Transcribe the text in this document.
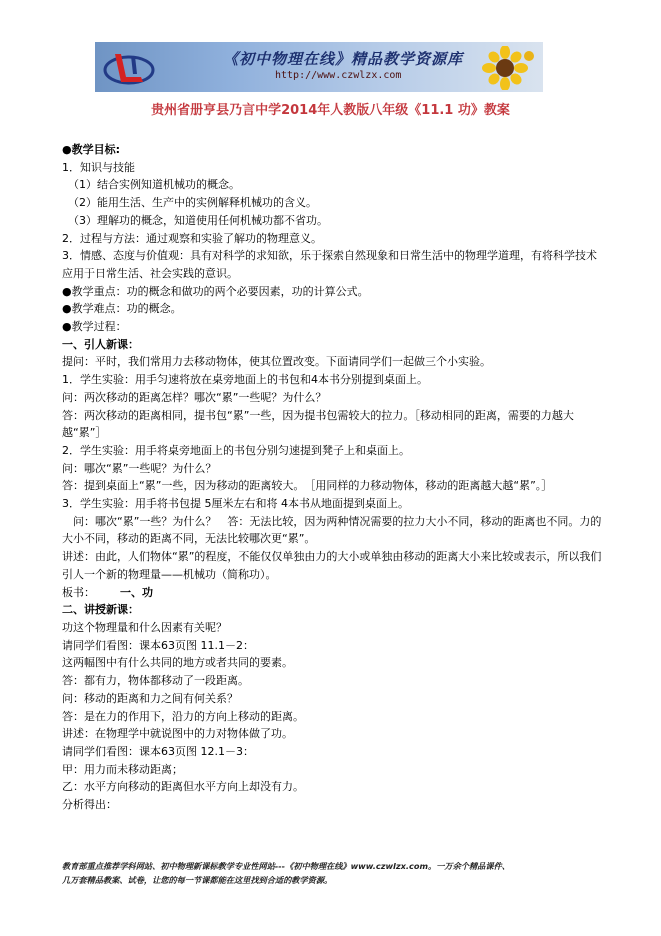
《初中物理在线》精品教学资源库
http://www.czwlzx.com
贵州省册亨县乃言中学2014年人教版八年级《11.1 功》教案

●教学目标:

1．知识与技能

（1）结合实例知道机械功的概念。

（2）能用生活、生产中的实例解释机械功的含义。

（3）理解功的概念，知道使用任何机械功都不省功。

2．过程与方法：通过观察和实验了解功的物理意义。

3．情感、态度与价值观：具有对科学的求知欲，乐于探索自然现象和日常生活中的物理学道理，有将科学技术应用于日常生活、社会实践的意识。

●教学重点：功的概念和做功的两个必要因素，功的计算公式。

●教学难点：功的概念。

●教学过程：

一、引人新课：

提问：平时，我们常用力去移动物体，使其位置改变。下面请同学们一起做三个小实验。

1．学生实验：用手匀速将放在桌旁地面上的书包和4本书分别提到桌面上。

问：两次移动的距离怎样？哪次“累”一些呢？为什么？

答：两次移动的距离相同，提书包“累”一些，因为提书包需较大的拉力。［移动相同的距离，需要的力越大越“累”］

2．学生实验：用手将桌旁地面上的书包分别匀速提到凳子上和桌面上。

问：哪次“累”一些呢？为什么？

答：提到桌面上“累”一些，因为移动的距离较大。　［用同样的力移动物体，移动的距离越大越“累”。］

3．学生实验：用手将书包提 5厘米左右和将 4本书从地面提到桌面上。

　问：哪次“累”一些？为什么？　答：无法比较，因为两种情况需要的拉力大小不同，移动的距离也不同。力的大小不同，移动的距离不同，无法比较哪次更“累”。

讲述：由此，人们物体“累”的程度，不能仅仅单独由力的大小或单独由移动的距离大小来比较或表示，所以我们引人一个新的物理量——机械功（简称功）。

板书： 一、功

二、讲授新课：

功这个物理量和什么因素有关呢？

请同学们看图：课本63页图 11.1－2：

这两幅图中有什么共同的地方或者共同的要素。

答：都有力，物体都移动了一段距离。

问：移动的距离和力之间有何关系？

答：是在力的作用下，沿力的方向上移动的距离。

讲述：在物理学中就说图中的力对物体做了功。

请同学们看图：课本63页图 12.1－3：

甲：用力而未移动距离；

乙：水平方向移动的距离但水平方向上却没有力。

分析得出：

教育部重点推荐学科网站、初中物理新课标教学专业性网站---《初中物理在线》www.czwlzx.com。一万余个精品课件、

几万套精品教案、试卷，让您的每一节课都能在这里找到合适的教学资源。
